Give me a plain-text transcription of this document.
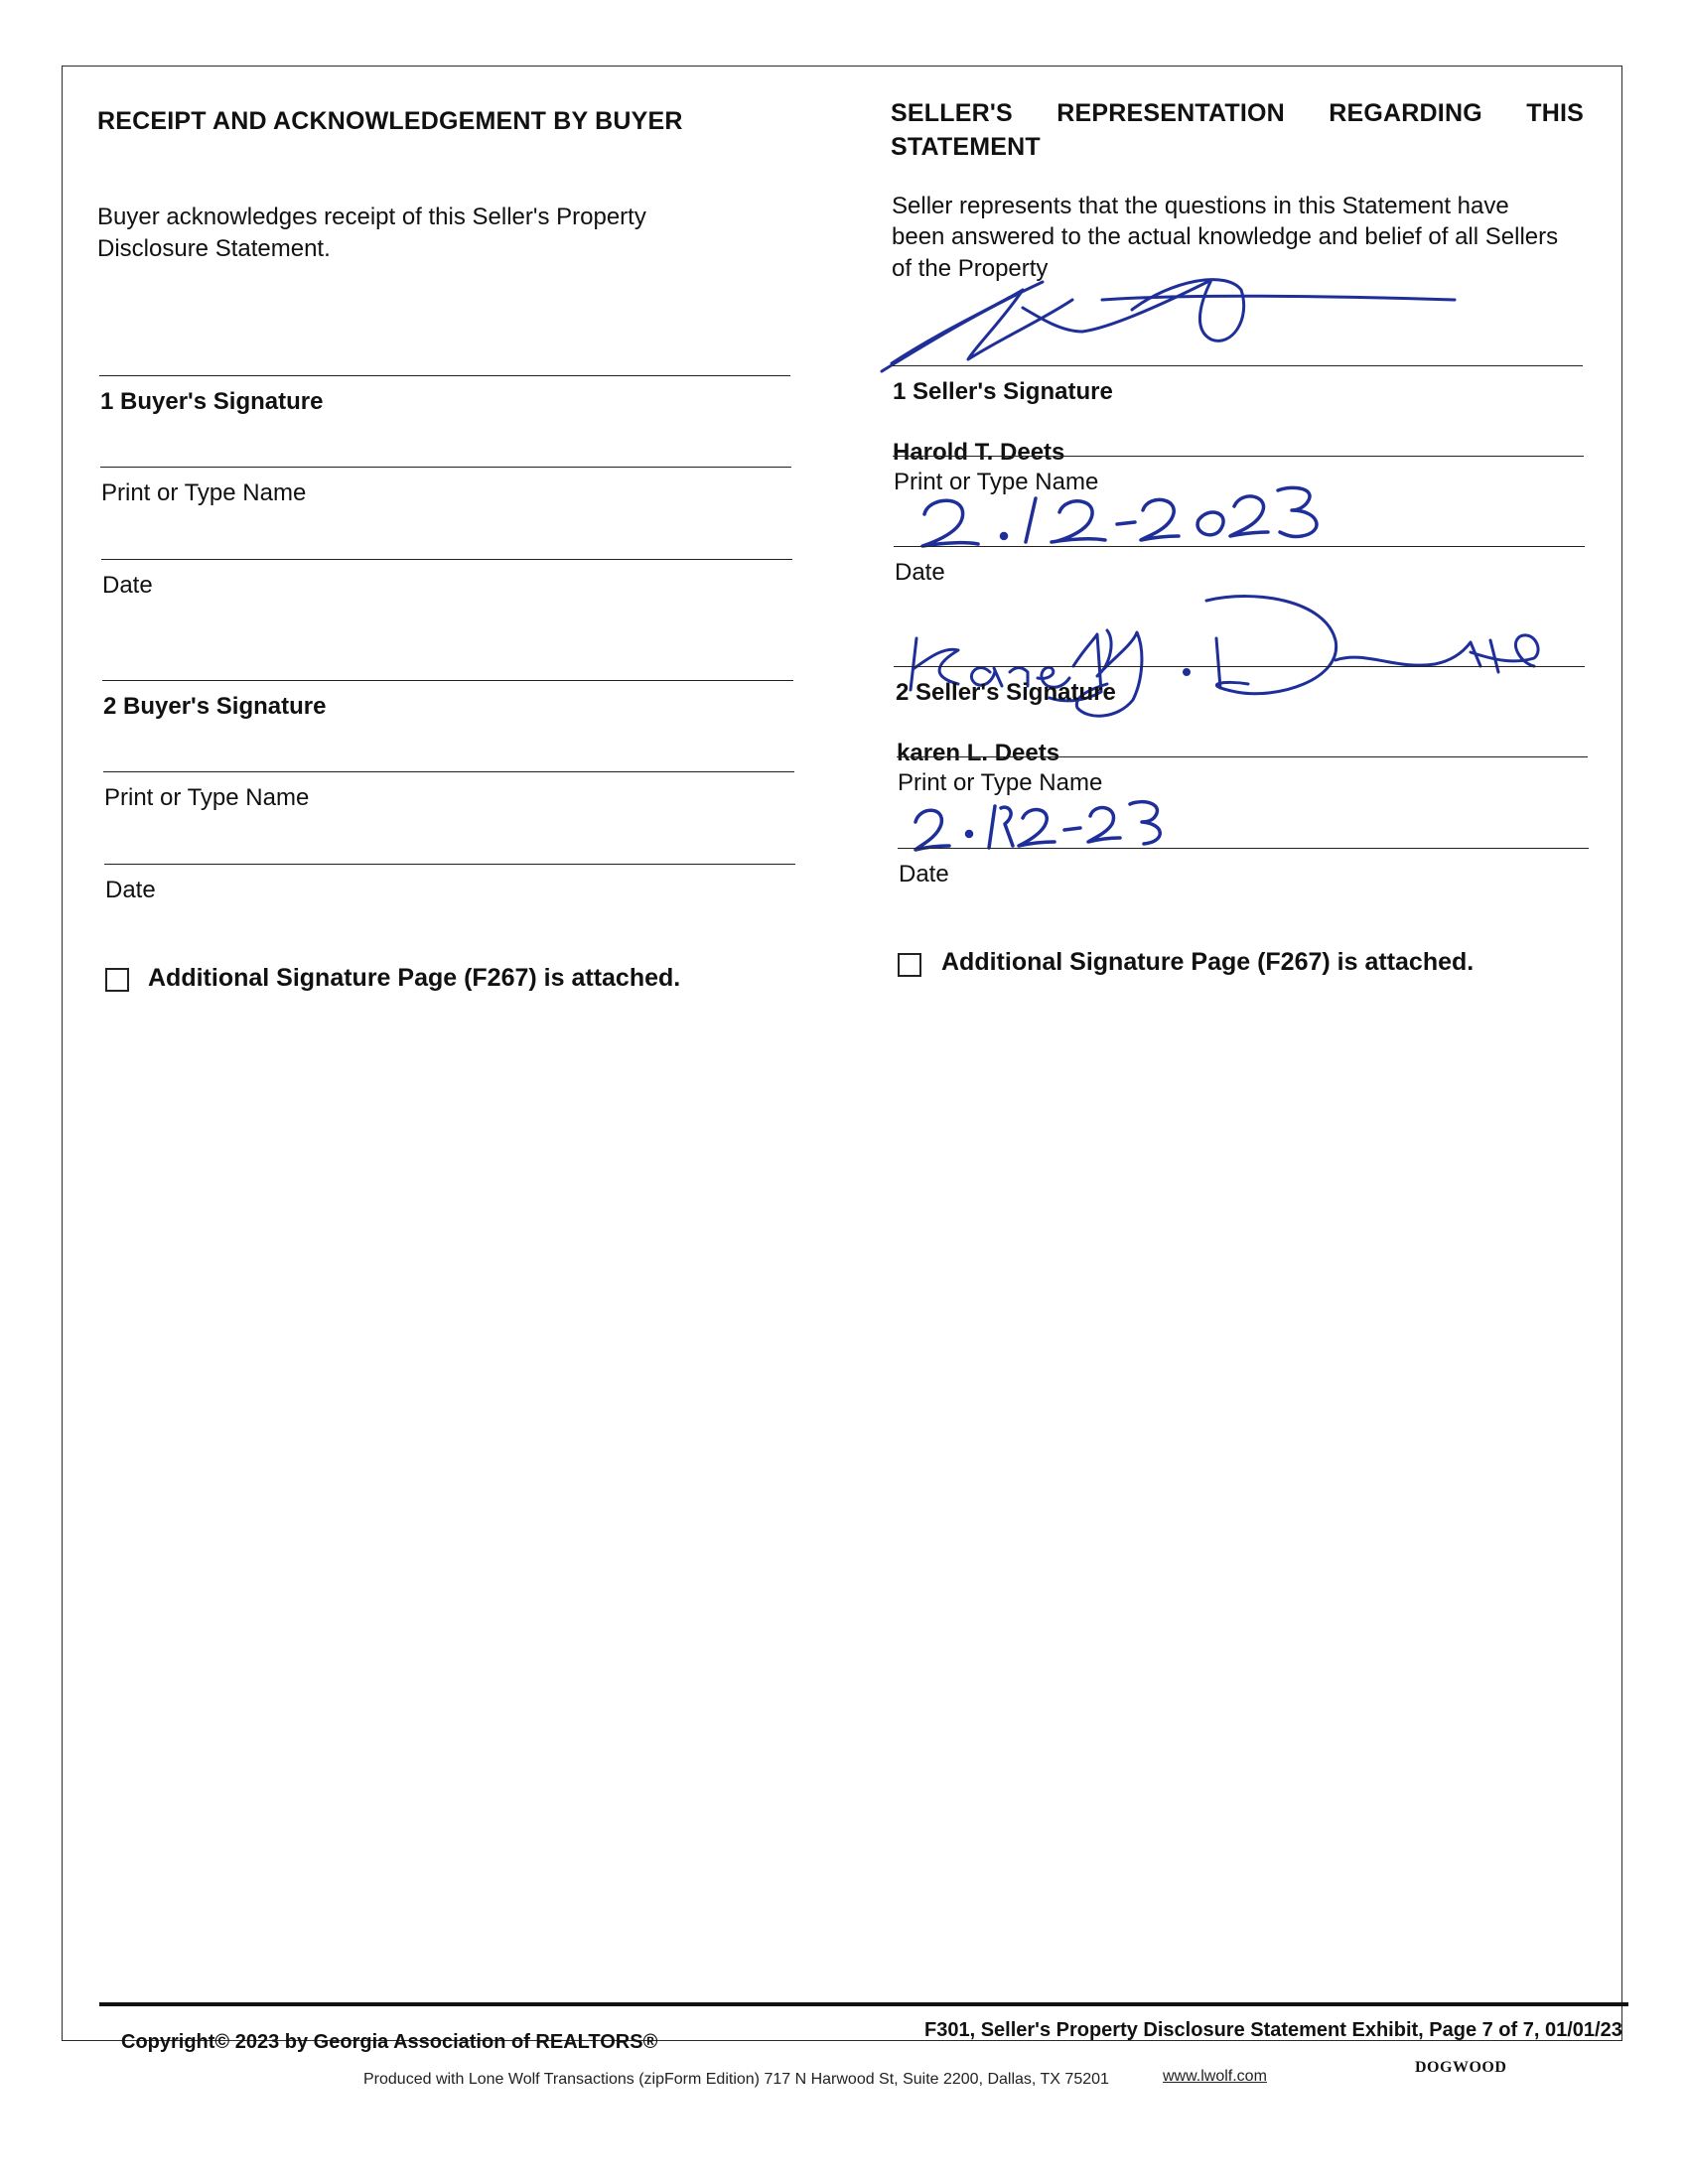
RECEIPT AND ACKNOWLEDGEMENT BY BUYER
Buyer acknowledges receipt of this Seller's Property
Disclosure Statement.
1 Buyer's Signature
Print or Type Name
Date
2 Buyer's Signature
Print or Type Name
Date
Additional Signature Page (F267) is attached.
SELLER'S REPRESENTATION REGARDING THIS
STATEMENT
Seller represents that the questions in this Statement have
been answered to the actual knowledge and belief of all Sellers
of the Property
1 Seller's Signature
Harold T. Deets
Print or Type Name
Date
2 Seller's Signature
karen L. Deets
Print or Type Name
Date
Additional Signature Page (F267) is attached.
Copyright© 2023 by Georgia Association of REALTORS®
F301, Seller's Property Disclosure Statement Exhibit, Page 7 of 7, 01/01/23
Produced with Lone Wolf Transactions (zipForm Edition) 717 N Harwood St, Suite 2200, Dallas, TX 75201	www.lwolf.com
DOGWOOD
